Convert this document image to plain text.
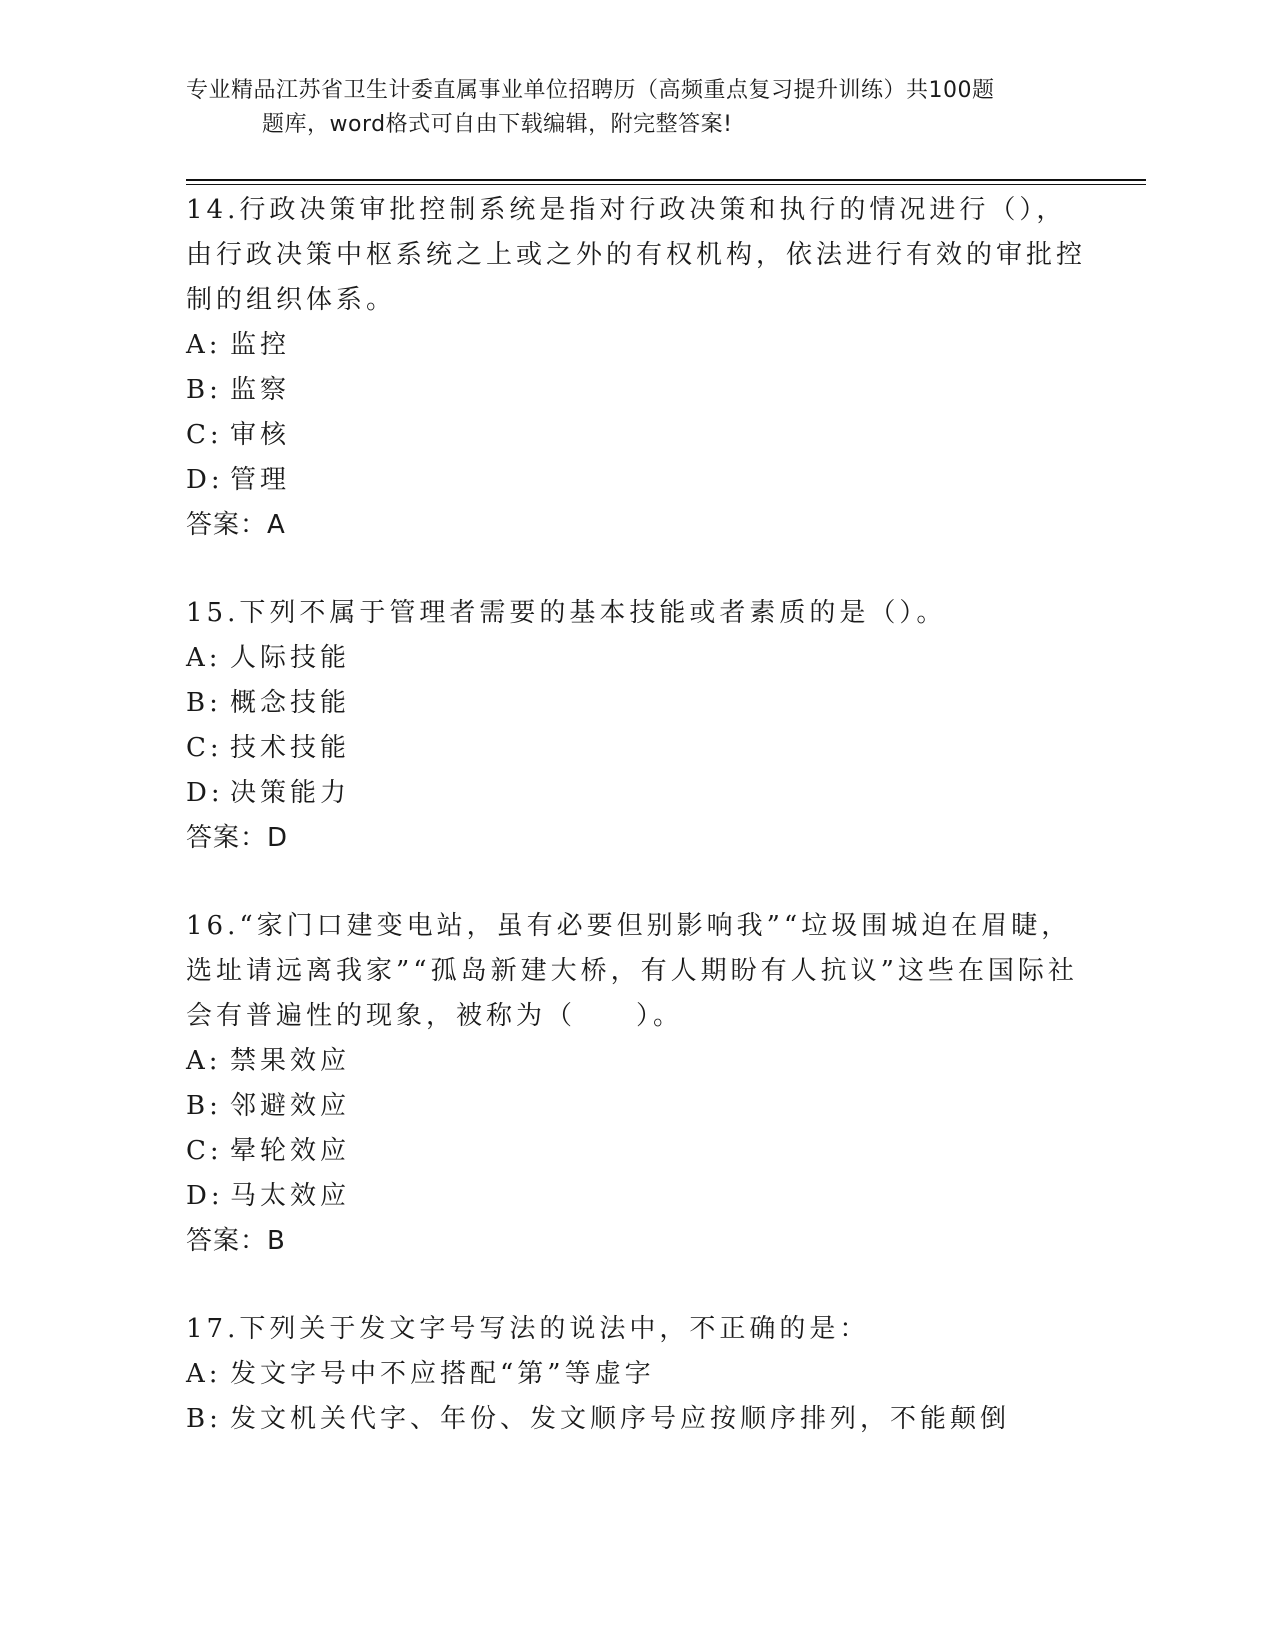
专业精品江苏省卫生计委直属事业单位招聘历（高频重点复习提升训练）共100题
题库，word格式可自由下载编辑，附完整答案!
14.行政决策审批控制系统是指对行政决策和执行的情况进行（），由行政决策中枢系统之上或之外的有权机构，依法进行有效的审批控制的组织体系。
A: 监控
B: 监察
C: 审核
D: 管理
答案：A
15.下列不属于管理者需要的基本技能或者素质的是（）。
A: 人际技能
B: 概念技能
C: 技术技能
D: 决策能力
答案：D
16.“家门口建变电站，虽有必要但别影响我”“垃圾围城迫在眉睫，选址请远离我家”“孤岛新建大桥，有人期盼有人抗议”这些在国际社会有普遍性的现象，被称为（　　）。
A: 禁果效应
B: 邻避效应
C: 晕轮效应
D: 马太效应
答案：B
17.下列关于发文字号写法的说法中，不正确的是：
A: 发文字号中不应搭配“第”等虚字
B: 发文机关代字、年份、发文顺序号应按顺序排列，不能颠倒
